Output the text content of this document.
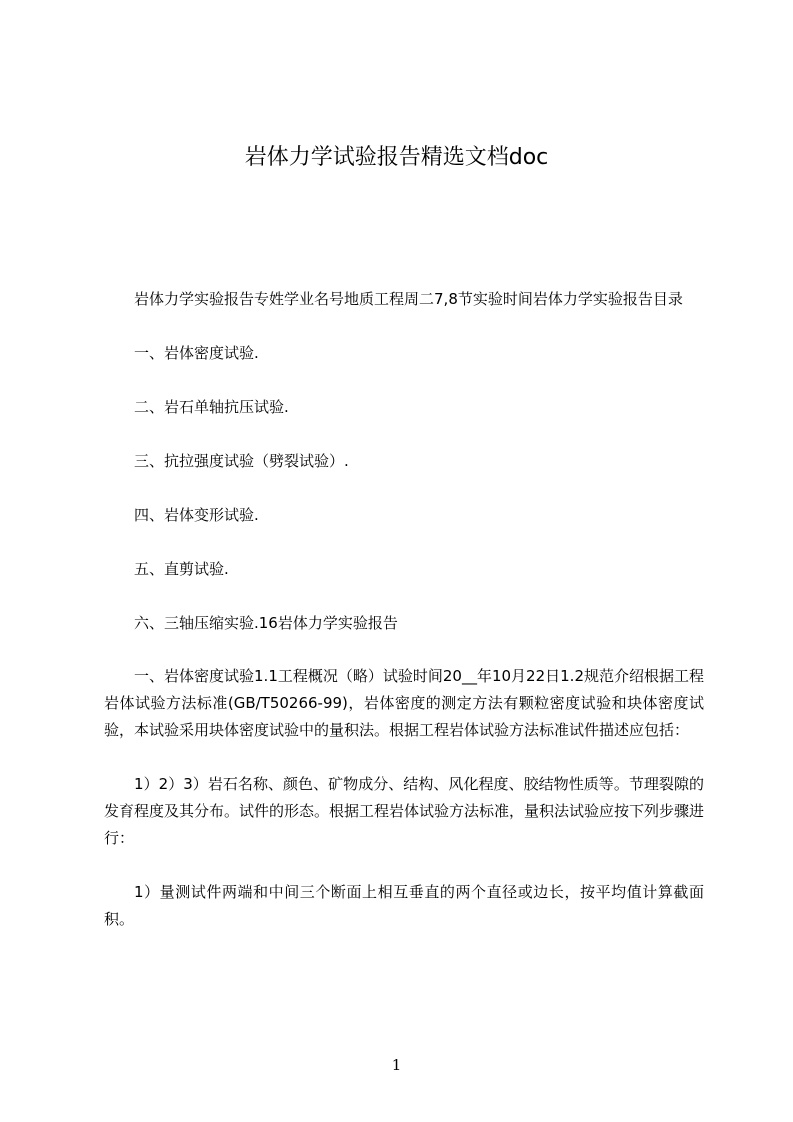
岩体力学试验报告精选文档doc

岩体力学实验报告专姓学业名号地质工程周二7,8节实验时间岩体力学实验报告目录

一、岩体密度试验.

二、岩石单轴抗压试验.

三、抗拉强度试验（劈裂试验）.

四、岩体变形试验.

五、直剪试验.

六、三轴压缩实验.16岩体力学实验报告

一、岩体密度试验1.1工程概况（略）试验时间20__年10月22日1.2规范介绍根据工程岩体试验方法标准(GB/T50266-99)，岩体密度的测定方法有颗粒密度试验和块体密度试验，本试验采用块体密度试验中的量积法。根据工程岩体试验方法标准试件描述应包括：

1）2）3）岩石名称、颜色、矿物成分、结构、风化程度、胶结物性质等。节理裂隙的发育程度及其分布。试件的形态。根据工程岩体试验方法标准，量积法试验应按下列步骤进行：

1）量测试件两端和中间三个断面上相互垂直的两个直径或边长，按平均值计算截面积。

1
